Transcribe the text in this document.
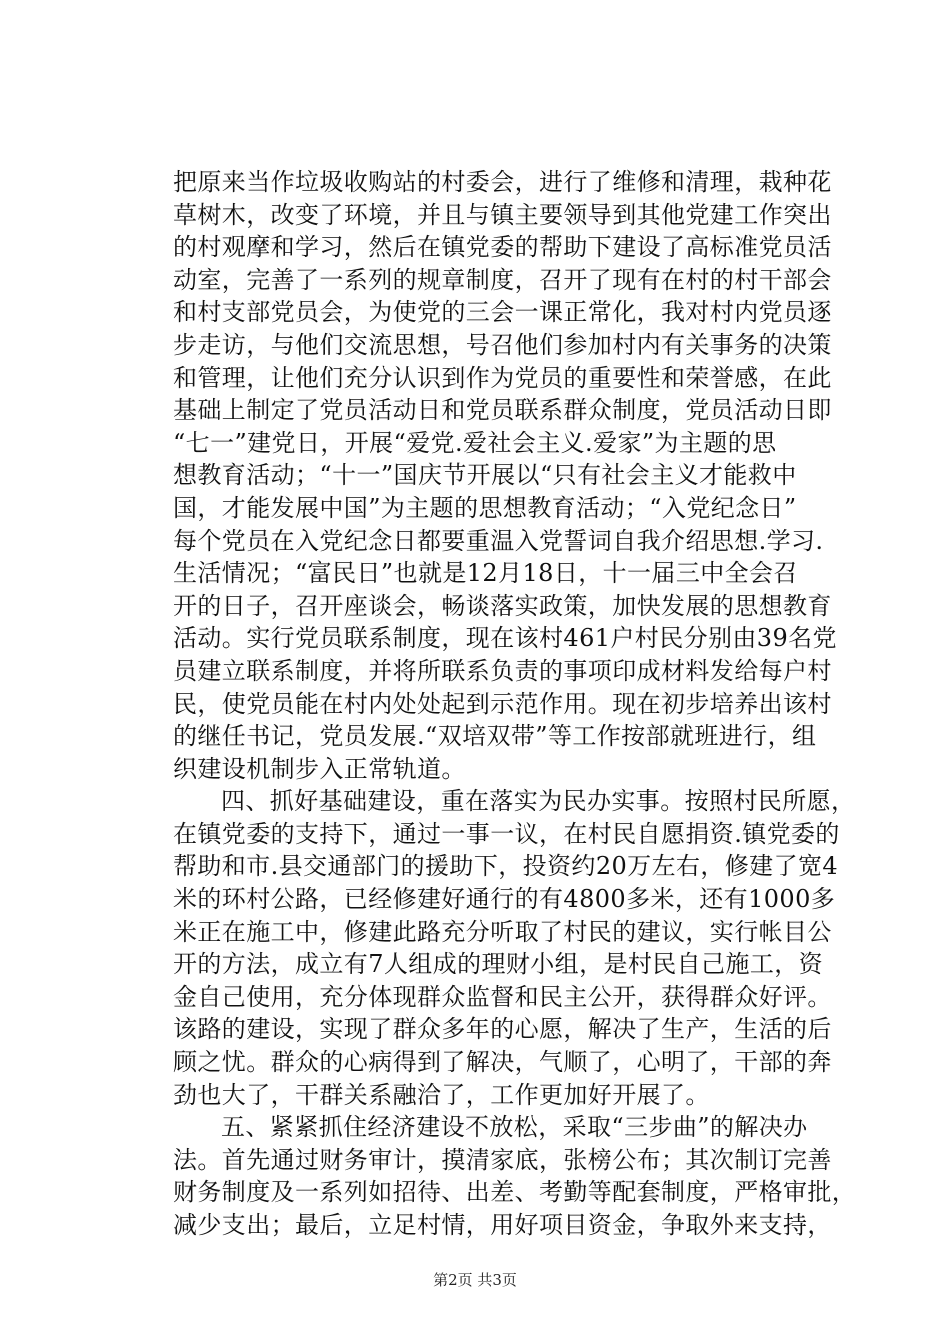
把原来当作垃圾收购站的村委会，进行了维修和清理，栽种花
草树木，改变了环境，并且与镇主要领导到其他党建工作突出
的村观摩和学习，然后在镇党委的帮助下建设了高标准党员活
动室，完善了一系列的规章制度，召开了现有在村的村干部会
和村支部党员会，为使党的三会一课正常化，我对村内党员逐
步走访，与他们交流思想，号召他们参加村内有关事务的决策
和管理，让他们充分认识到作为党员的重要性和荣誉感，在此
基础上制定了党员活动日和党员联系群众制度，党员活动日即
“七一”建党日，开展“爱党.爱社会主义.爱家”为主题的思
想教育活动；“十一”国庆节开展以“只有社会主义才能救中
国，才能发展中国”为主题的思想教育活动；“入党纪念日”
每个党员在入党纪念日都要重温入党誓词自我介绍思想.学习.
生活情况；“富民日”也就是12月18日，十一届三中全会召
开的日子，召开座谈会，畅谈落实政策，加快发展的思想教育
活动。实行党员联系制度，现在该村461户村民分别由39名党
员建立联系制度，并将所联系负责的事项印成材料发给每户村
民，使党员能在村内处处起到示范作用。现在初步培养出该村
的继任书记，党员发展.“双培双带”等工作按部就班进行，组
织建设机制步入正常轨道。
四、抓好基础建设，重在落实为民办实事。按照村民所愿，
在镇党委的支持下，通过一事一议，在村民自愿捐资.镇党委的
帮助和市.县交通部门的援助下，投资约20万左右，修建了宽4
米的环村公路，已经修建好通行的有4800多米，还有1000多
米正在施工中，修建此路充分听取了村民的建议，实行帐目公
开的方法，成立有7人组成的理财小组，是村民自己施工，资
金自己使用，充分体现群众监督和民主公开，获得群众好评。
该路的建设，实现了群众多年的心愿，解决了生产，生活的后
顾之忧。群众的心病得到了解决，气顺了，心明了，干部的奔
劲也大了，干群关系融洽了，工作更加好开展了。
五、紧紧抓住经济建设不放松，采取“三步曲”的解决办
法。首先通过财务审计，摸清家底，张榜公布；其次制订完善
财务制度及一系列如招待、出差、考勤等配套制度，严格审批，
减少支出；最后，立足村情，用好项目资金，争取外来支持，
第2页 共3页
